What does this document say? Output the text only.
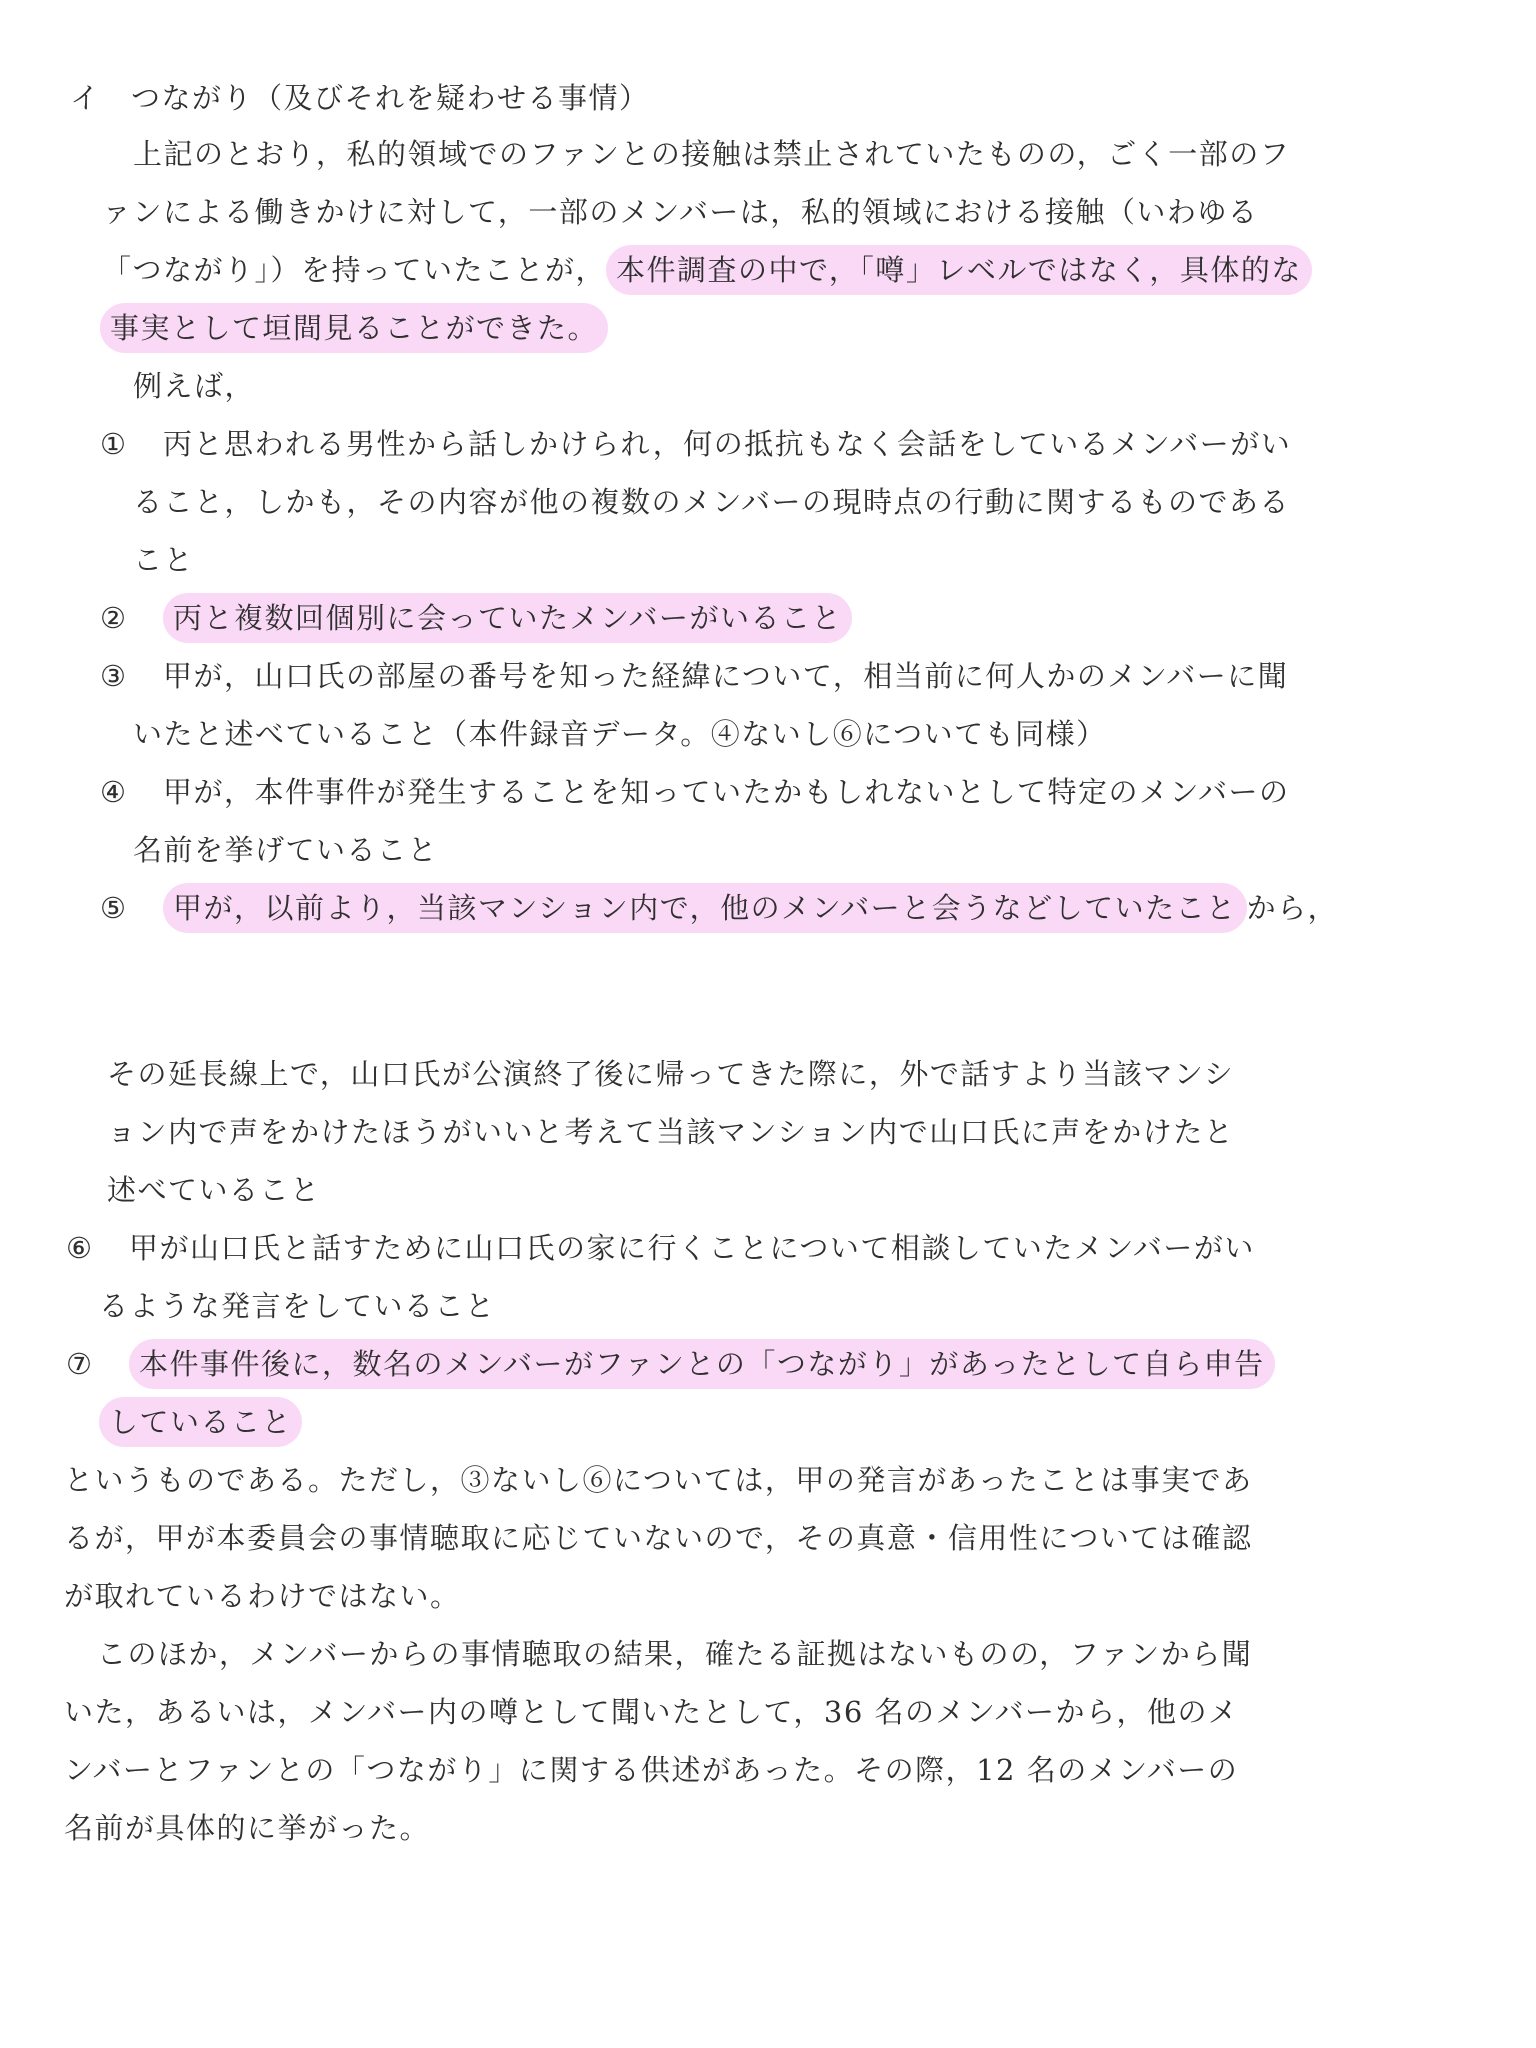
イ　つながり（及びそれを疑わせる事情）
上記のとおり，私的領域でのファンとの接触は禁止されていたものの，ごく一部のフ
ァンによる働きかけに対して，一部のメンバーは，私的領域における接触（いわゆる
「つながり」）を持っていたことが， 本件調査の中で，「噂」レベルではなく，具体的な
事実として垣間見ることができた。
例えば，
① 丙と思われる男性から話しかけられ，何の抵抗もなく会話をしているメンバーがい
ること，しかも，その内容が他の複数のメンバーの現時点の行動に関するものである
こと
②	丙と複数回個別に会っていたメンバーがいること
③ 甲が，山口氏の部屋の番号を知った経緯について，相当前に何人かのメンバーに聞
いたと述べていること（本件録音データ。④ないし⑥についても同様）
④ 甲が，本件事件が発生することを知っていたかもしれないとして特定のメンバーの
名前を挙げていること
⑤	甲が，以前より，当該マンション内で，他のメンバーと会うなどしていたこと から，
その延長線上で，山口氏が公演終了後に帰ってきた際に，外で話すより当該マンシ
ョン内で声をかけたほうがいいと考えて当該マンション内で山口氏に声をかけたと
述べていること
⑥ 甲が山口氏と話すために山口氏の家に行くことについて相談していたメンバーがい
るような発言をしていること
⑦	本件事件後に，数名のメンバーがファンとの「つながり」があったとして自ら申告
していること
というものである。ただし，③ないし⑥については，甲の発言があったことは事実であ
るが，甲が本委員会の事情聴取に応じていないので，その真意・信用性については確認
が取れているわけではない。
このほか，メンバーからの事情聴取の結果，確たる証拠はないものの，ファンから聞
いた，あるいは，メンバー内の噂として聞いたとして，36 名のメンバーから，他のメ
ンバーとファンとの「つながり」に関する供述があった。その際，12 名のメンバーの
名前が具体的に挙がった。
